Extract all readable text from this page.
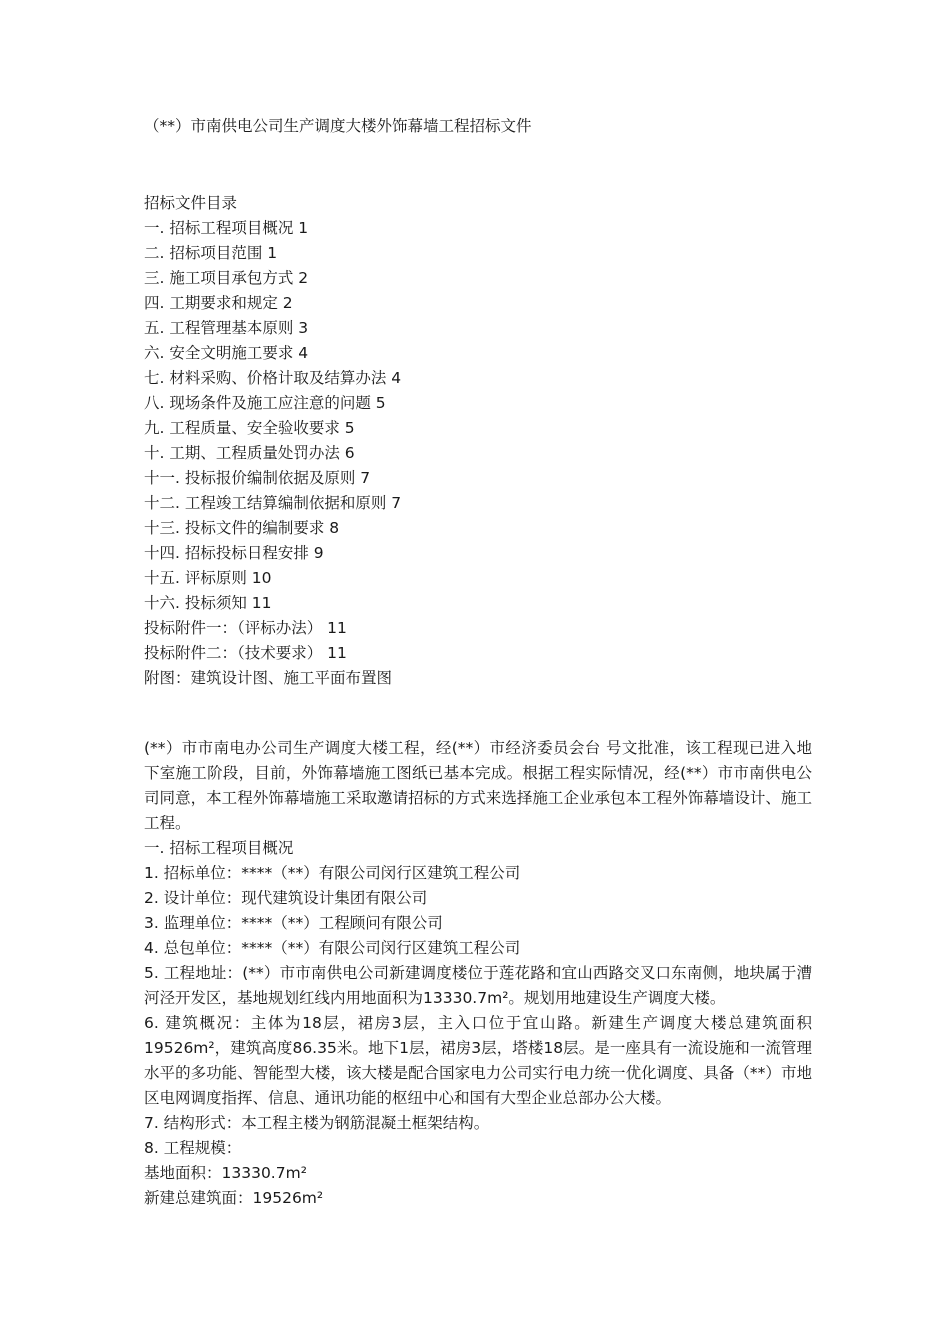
（**）市南供电公司生产调度大楼外饰幕墙工程招标文件
招标文件目录
一. 招标工程项目概况 1
二. 招标项目范围 1
三. 施工项目承包方式 2
四. 工期要求和规定 2
五. 工程管理基本原则 3
六. 安全文明施工要求 4
七. 材料采购、价格计取及结算办法 4
八. 现场条件及施工应注意的问题 5
九. 工程质量、安全验收要求 5
十. 工期、工程质量处罚办法 6
十一. 投标报价编制依据及原则 7
十二. 工程竣工结算编制依据和原则 7
十三. 投标文件的编制要求 8
十四. 招标投标日程安排 9
十五. 评标原则 10
十六. 投标须知 11
投标附件一：（评标办法） 11
投标附件二：（技术要求） 11
附图：建筑设计图、施工平面布置图

(**）市市南电办公司生产调度大楼工程，经(**）市经济委员会台 号文批准，该工程现已进入地下室施工阶段，目前，外饰幕墙施工图纸已基本完成。根据工程实际情况，经(**）市市南供电公司同意，本工程外饰幕墙施工采取邀请招标的方式来选择施工企业承包本工程外饰幕墙设计、施工工程。

一. 招标工程项目概况

1. 招标单位：****（**）有限公司闵行区建筑工程公司

2. 设计单位：现代建筑设计集团有限公司

3. 监理单位：****（**）工程顾问有限公司

4. 总包单位：****（**）有限公司闵行区建筑工程公司

5. 工程地址：(**）市市南供电公司新建调度楼位于莲花路和宜山西路交叉口东南侧，地块属于漕河泾开发区，基地规划红线内用地面积为13330.7m²。规划用地建设生产调度大楼。

6. 建筑概况：主体为18层，裙房3层，主入口位于宜山路。新建生产调度大楼总建筑面积19526m²，建筑高度86.35米。地下1层，裙房3层，塔楼18层。是一座具有一流设施和一流管理水平的多功能、智能型大楼，该大楼是配合国家电力公司实行电力统一优化调度、具备（**）市地区电网调度指挥、信息、通讯功能的枢纽中心和国有大型企业总部办公大楼。

7. 结构形式：本工程主楼为钢筋混凝土框架结构。

8. 工程规模：

基地面积：13330.7m²

新建总建筑面：19526m²
